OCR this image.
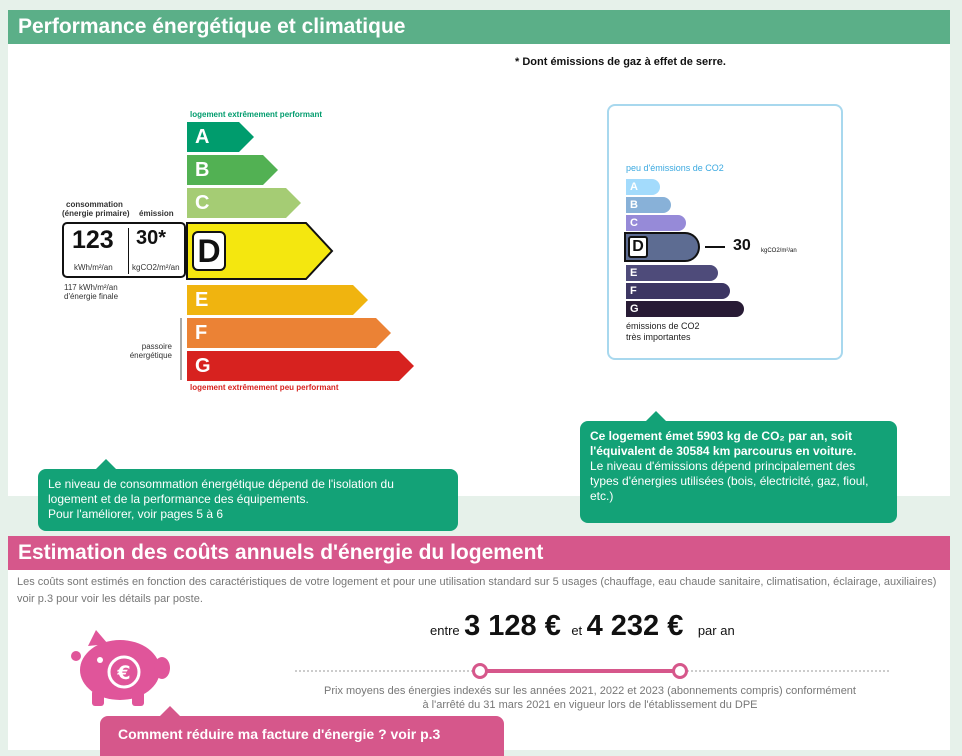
Performance énergétique et climatique
logement extrêmement performant
A
B
C
D
E
F
G
logement extrêmement peu performant
passoire
énergétique
consommation
(énergie primaire) émission
123 30*
kWh/m²/an kgCO2/m²/an
117 kWh/m²/an
d'énergie finale
* Dont émissions de gaz à effet de serre.
peu d'émissions de CO2
A
B
C
D	30 kgCO2/m²/an
E
F
G
émissions de CO2
très importantes
Le niveau de consommation énergétique dépend de l'isolation du
logement et de la performance des équipements.
Pour l'améliorer, voir pages 5 à 6
Ce logement émet 5903 kg de CO₂ par an, soit l'équivalent de 30584 km parcourus en voiture.
Le niveau d'émissions dépend principalement des types d'énergies utilisées (bois, électricité, gaz, fioul, etc.)
Estimation des coûts annuels d'énergie du logement
Les coûts sont estimés en fonction des caractéristiques de votre logement et pour une utilisation standard sur 5 usages (chauffage, eau chaude sanitaire, climatisation, éclairage, auxiliaires) voir p.3 pour voir les détails par poste.
entre 3 128 € et 4 232 € par an
Prix moyens des énergies indexés sur les années 2021, 2022 et 2023 (abonnements compris) conformément
à l'arrêté du 31 mars 2021 en vigueur lors de l'établissement du DPE
€
Comment réduire ma facture d'énergie ? voir p.3
